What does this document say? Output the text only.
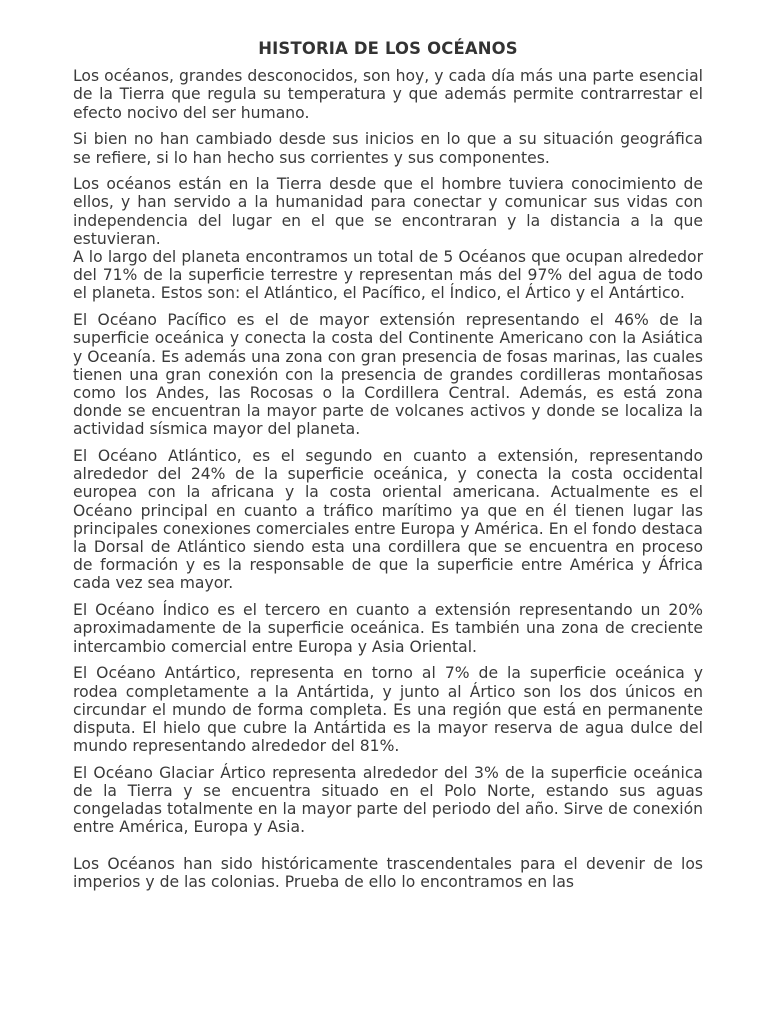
HISTORIA DE LOS OCÉANOS

Los océanos, grandes desconocidos, son hoy, y cada día más una parte esencial de la Tierra que regula su temperatura y que además permite contrarrestar el efecto nocivo del ser humano.

Si bien no han cambiado desde sus inicios en lo que a su situación geográfica se refiere, si lo han hecho sus corrientes y sus componentes.

Los océanos están en la Tierra desde que el hombre tuviera conocimiento de ellos, y han servido a la humanidad para conectar y comunicar sus vidas con independencia del lugar en el que se encontraran y la distancia a la que estuvieran.

A lo largo del planeta encontramos un total de 5 Océanos que ocupan alrededor del 71% de la superficie terrestre y representan más del 97% del agua de todo el planeta. Estos son: el Atlántico, el Pacífico, el Índico, el Ártico y el Antártico.

El Océano Pacífico es el de mayor extensión representando el 46% de la superficie oceánica y conecta la costa del Continente Americano con la Asiática y Oceanía. Es además una zona con gran presencia de fosas marinas, las cuales tienen una gran conexión con la presencia de grandes cordilleras montañosas como los Andes, las Rocosas o la Cordillera Central. Además, es está zona donde se encuentran la mayor parte de volcanes activos y donde se localiza la actividad sísmica mayor del planeta.

El Océano Atlántico, es el segundo en cuanto a extensión, representando alrededor del 24% de la superficie oceánica, y conecta la costa occidental europea con la africana y la costa oriental americana. Actualmente es el Océano principal en cuanto a tráfico marítimo ya que en él tienen lugar las principales conexiones comerciales entre Europa y América. En el fondo destaca la Dorsal de Atlántico siendo esta una cordillera que se encuentra en proceso de formación y es la responsable de que la superficie entre América y África cada vez sea mayor.

El Océano Índico es el tercero en cuanto a extensión representando un 20% aproximadamente de la superficie oceánica. Es también una zona de creciente intercambio comercial entre Europa y Asia Oriental.

El Océano Antártico, representa en torno al 7% de la superficie oceánica y rodea completamente a la Antártida, y junto al Ártico son los dos únicos en circundar el mundo de forma completa. Es una región que está en permanente disputa. El hielo que cubre la Antártida es la mayor reserva de agua dulce del mundo representando alrededor del 81%.

El Océano Glaciar Ártico representa alrededor del 3% de la superficie oceánica de la Tierra y se encuentra situado en el Polo Norte, estando sus aguas congeladas totalmente en la mayor parte del periodo del año. Sirve de conexión entre América, Europa y Asia.

Los Océanos han sido históricamente trascendentales para el devenir de los imperios y de las colonias. Prueba de ello lo encontramos en las
